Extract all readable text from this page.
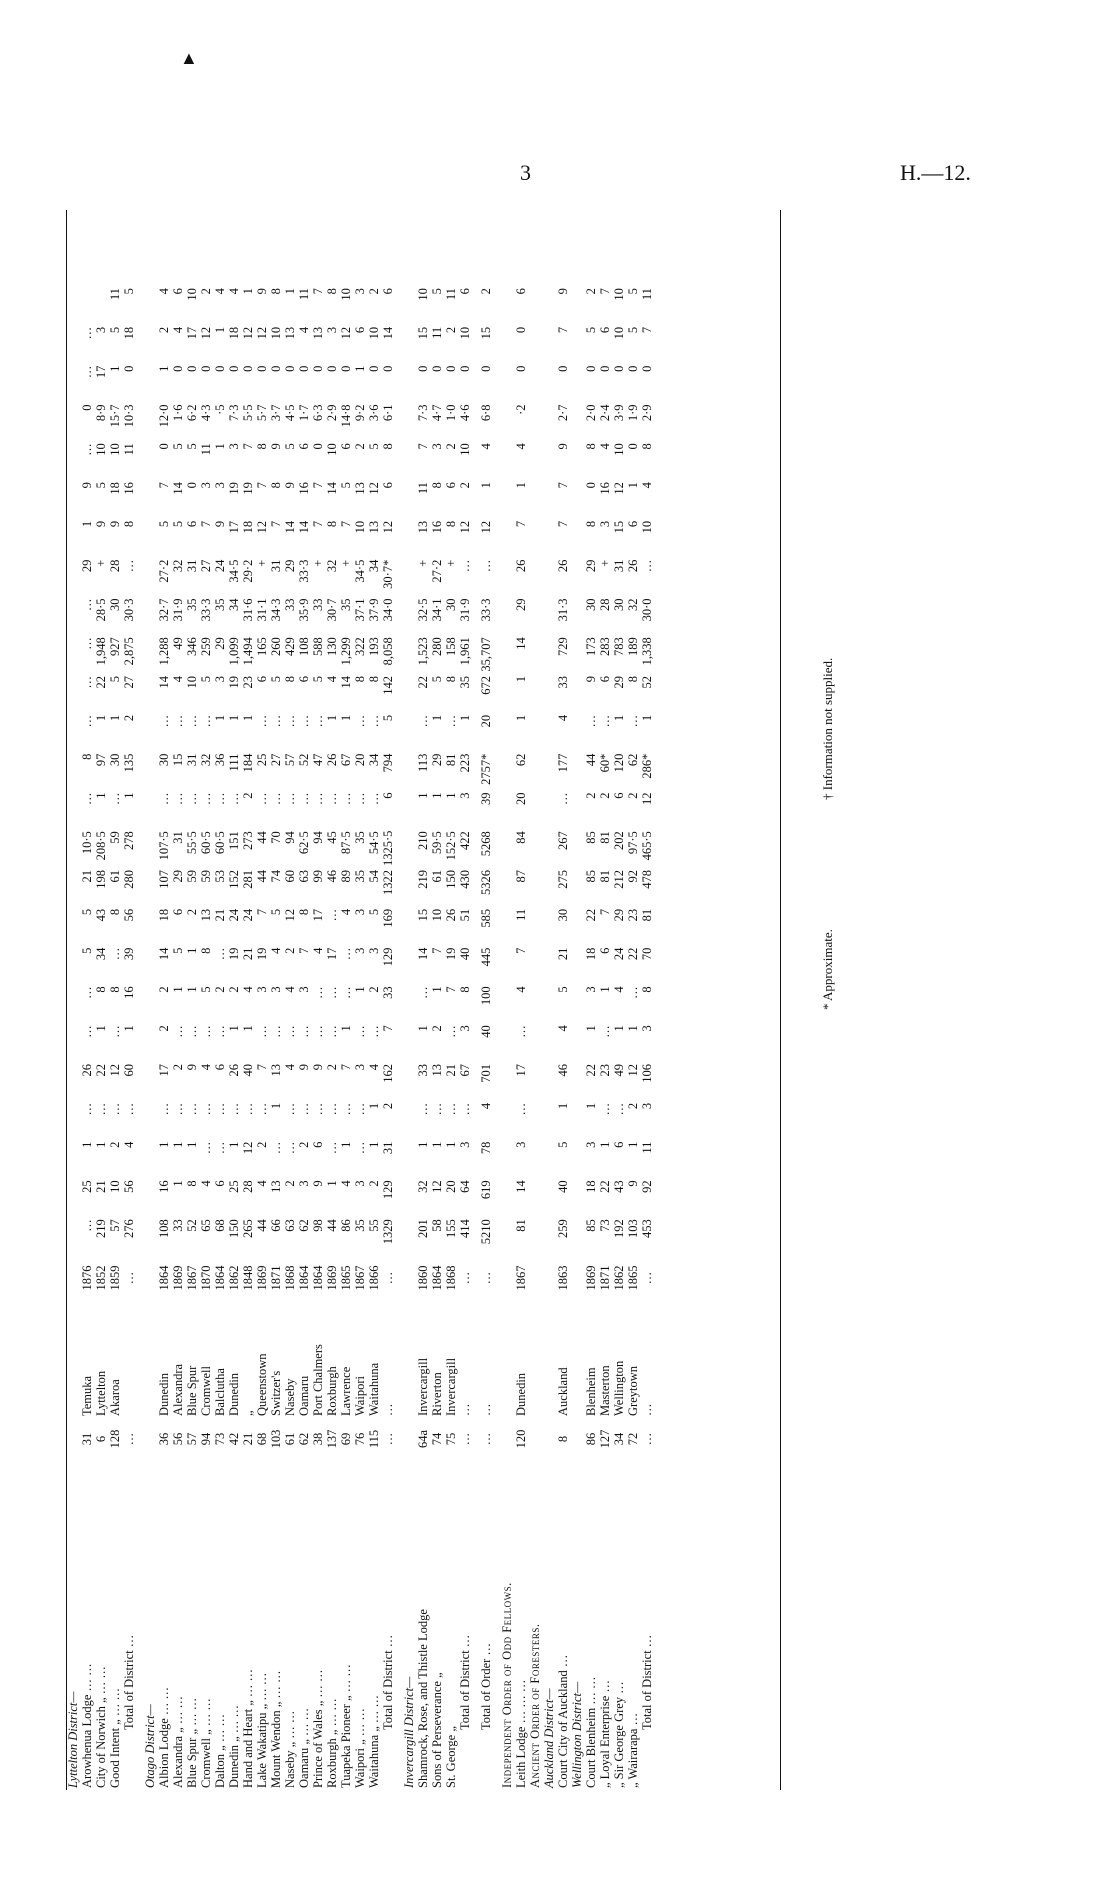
3	H.—12.
▲
Lyttelton District—																												
Arowhenua Lodge … …	31	Temuka	1876	…	25	1	…	26	…	…	5	5	21	10·5	…	8	…	…	…	…	29	1	9	…	0	…	…	
City of Norwich „ … …	6	Lyttelton	1852	219	21	1	…	22	1	8	34	43	198	208·5	1	97	1	22	1,948	28·5	+	9	5	10	8·9	17	3	
Good Intent „ … …	128	Akaroa	1859	57	10	2	…	12	…	8	…	8	61	59	…	30	1	5	927	30	28	9	18	10	15·7	1	5	11
Total of District …	…		…	276	56	4	…	60	1	16	39	56	280	278	1	135	2	27	2,875	30·3	…	8	16	11	10·3	0	18	5
Otago District—																												
Albion Lodge … …	36	Dunedin	1864	108	16	1	…	17	2	2	14	18	107	107·5	…	30	…	14	1,288	32·7	27·2	5	7	0	12·0	1	2	4
Alexandra „ … …	56	Alexandra	1869	33	1	1	…	2	…	1	5	6	29	31	…	15	…	4	49	31·9	32	5	14	5	1·6	0	4	6
Blue Spur „ … …	57	Blue Spur	1867	52	8	1	…	9	…	1	1	2	59	55·5	…	31	…	10	346	35	31	6	0	5	6·2	0	17	10
Cromwell „ … …	94	Cromwell	1870	65	4	…	…	4	…	5	8	13	59	60·5	…	32	…	5	259	33·3	27	7	3	11	4·3	0	12	2
Dalton „ … …	73	Balclutha	1864	68	6	…	…	6	…	2	…	21	53	60·5	…	36	1	3	29	35	24	9	3	1	·5	0	1	4
Dunedin „ … …	42	Dunedin	1862	150	25	1	…	26	1	2	19	24	152	151	…	111	1	19	1,099	34	34·5	17	19	3	7·3	0	18	4
Hand and Heart „ … …	21	„	1848	265	28	12	…	40	1	4	21	24	281	273	2	184	1	23	1,494	31·6	29·2	18	19	7	5·5	0	12	1
Lake Wakatipu „ … …	68	Queenstown	1869	44	4	2	…	7	…	3	19	7	44	44	…	25	…	6	165	31·1	+	12	7	8	5·7	0	12	9
Mount Wendon „ … …	103	Switzer's	1871	66	13	…	1	13	…	3	4	5	74	70	…	27	…	5	260	34·3	31	7	8	9	3·7	0	10	8
Naseby „ … …	61	Naseby	1868	63	2	…	…	4	…	4	2	12	60	94	…	57	…	8	429	33	29	14	9	5	4·5	0	13	1
Oamaru „ … …	62	Oamaru	1864	62	3	2	…	9	…	3	7	8	63	62·5	…	52	…	6	108	35·9	33·3	14	16	6	1·7	0	4	11
Prince of Wales „ … …	38	Port Chalmers	1864	98	9	6	…	9	…	…	4	17	99	94	…	47	…	5	588	33	+	7	7	0	6·3	0	13	7
Roxburgh „ … …	137	Roxburgh	1869	44	1	…	…	2	…	…	17	…	46	45	…	26	1	4	130	30·7	32	8	14	10	2·9	0	3	8
Tuapeka Pioneer „ … …	69	Lawrence	1865	86	4	1	…	7	1	…	…	4	89	87·5	…	67	1	14	1,299	35	+	7	5	6	14·8	0	12	10
Waipori „ … …	76	Waipori	1867	35	3	…	…	3	…	1	3	3	35	35	…	20	…	8	322	37·1	34·5	10	13	2	9·2	1	6	3
Waitahuna „ … …	115	Waitahuna	1866	55	2	1	1	4	…	2	3	5	54	54·5	…	34	…	8	193	37·9	34	13	12	5	3·6	0	10	2
Total of District …	…	…	…	1329	129	31	2	162	7	33	129	169	1322	1325·5	6	794	5	142	8,058	34·0	30·7*	12	6	8	6·1	0	14	6
Invercargill District—																												
Shamrock, Rose, and Thistle Lodge	64a	Invercargill	1860	201	32	1	…	33	1	…	14	15	219	210	1	113	…	22	1,523	32·5	+	13	11	7	7·3	0	15	10
Sons of Perseverance „	74	Riverton	1864	58	12	1	…	13	2	1	7	10	61	59·5	1	29	1	5	280	34·1	27·2	16	8	3	4·7	0	11	5
St. George „	75	Invercargill	1868	155	20	1	…	21	…	7	19	26	150	152·5	1	81	…	8	158	30	+	8	6	2	1·0	0	2	11
Total of District …	…	…	…	414	64	3	…	67	3	8	40	51	430	422	3	223	1	35	1,961	31·9	…	12	2	10	4·6	0	10	6
Total of Order …	…	…	…	5210	619	78	4	701	40	100	445	585	5326	5268	39	2757*	20	672	35,707	33·3	…	12	1	4	6·8	0	15	2
Independent Order of Odd Fellows.																												
Leith Lodge … … …	120	Dunedin	1867	81	14	3	…	17	…	4	7	11	87	84	20	62	1	1	14	29	26	7	1	4	·2	0	0	6
Ancient Order of Foresters.																												
Auckland District—																												
Court City of Auckland …	8	Auckland	1863	259	40	5	1	46	4	5	21	30	275	267	…	177	4	33	729	31·3	26	7	7	9	2·7	0	7	9
Wellington District—																												
Court Blenheim … …	86	Blenheim	1869	85	18	3	1	22	1	3	18	22	85	85	2	44	…	9	173	30	29	8	0	8	2·0	0	5	2
„ Loyal Enterprise …	127	Masterton	1871	73	22	1	…	23	…	1	6	7	81	81	2	60*	…	6	283	28	+	3	16	4	2·4	0	6	7
„ Sir George Grey …	34	Wellington	1862	192	43	6	…	49	1	4	24	29	212	202	6	120	1	29	783	30	31	15	12	10	3·9	0	10	10
„ Wairarapa …	72	Greytown	1865	103	9	1	2	12	1	…	22	23	92	97·5	2	62	…	8	189	32	26	6	1	0	1·9	0	5	5
Total of District …	…	…	…	453	92	11	3	106	3	8	70	81	478	465·5	12	286*	1	52	1,338	30·0	…	10	4	8	2·9	0	7	11
* Approximate.
† Information not supplied.
